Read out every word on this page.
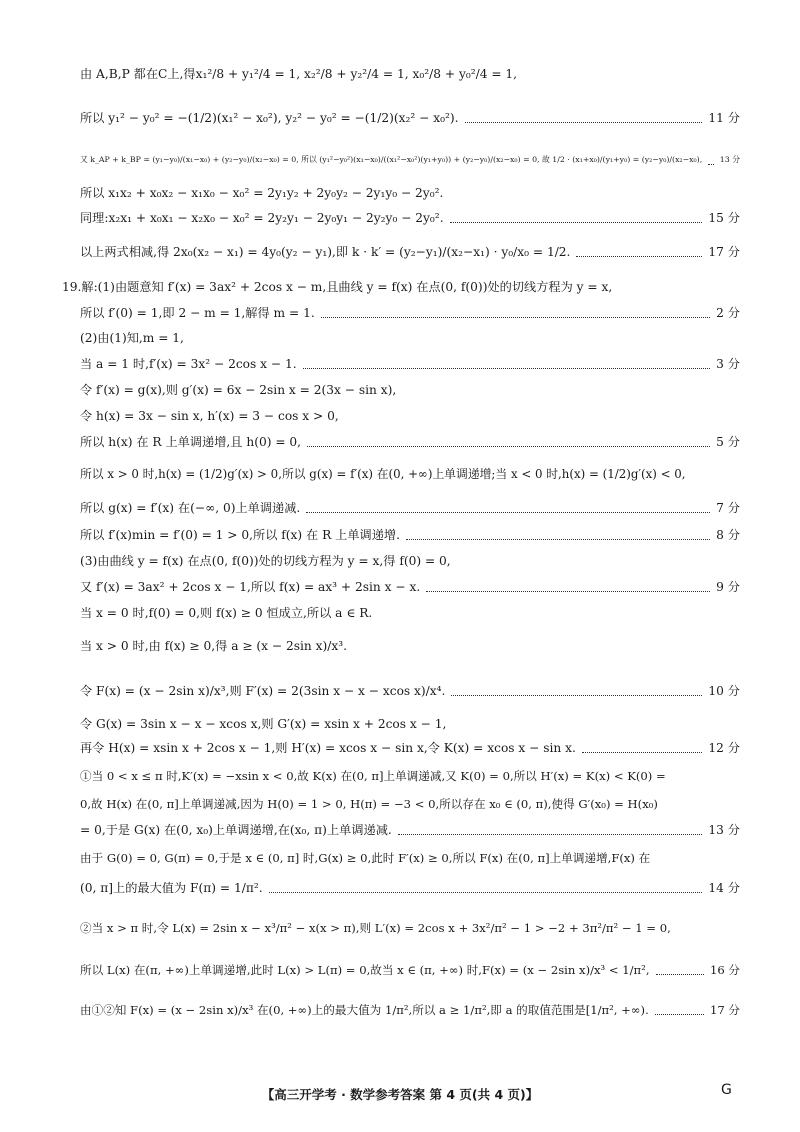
由 A,B,P 都在C上,得x₁²/8 + y₁²/4 = 1, x₂²/8 + y₂²/4 = 1, x₀²/8 + y₀²/4 = 1,
所以 y₁² − y₀² = −(1/2)(x₁² − x₀²), y₂² − y₀² = −(1/2)(x₂² − x₀²).	11 分
又 k_AP + k_BP = (y₁−y₀)/(x₁−x₀) + (y₂−y₀)/(x₂−x₀) = 0, 所以 (y₁²−y₀²)(x₁−x₀)/((x₁²−x₀²)(y₁+y₀)) + (y₂−y₀)/(x₂−x₀) = 0, 故 1/2 · (x₁+x₀)/(y₁+y₀) = (y₂−y₀)/(x₂−x₀), 13 分
所以 x₁x₂ + x₀x₂ − x₁x₀ − x₀² = 2y₁y₂ + 2y₀y₂ − 2y₁y₀ − 2y₀².
同理:x₂x₁ + x₀x₁ − x₂x₀ − x₀² = 2y₂y₁ − 2y₀y₁ − 2y₂y₀ − 2y₀².	15 分
以上两式相减,得 2x₀(x₂ − x₁) = 4y₀(y₂ − y₁),即 k · k′ = (y₂−y₁)/(x₂−x₁) · y₀/x₀ = 1/2.	17 分
19.解:(1)由题意知 f′(x) = 3ax² + 2cos x − m,且曲线 y = f(x) 在点(0, f(0))处的切线方程为 y = x,
所以 f′(0) = 1,即 2 − m = 1,解得 m = 1.	2 分
(2)由(1)知,m = 1,
当 a = 1 时,f′(x) = 3x² − 2cos x − 1.	3 分
令 f′(x) = g(x),则 g′(x) = 6x − 2sin x = 2(3x − sin x),
令 h(x) = 3x − sin x, h′(x) = 3 − cos x > 0,
所以 h(x) 在 R 上单调递增,且 h(0) = 0,	5 分
所以 x > 0 时,h(x) = (1/2)g′(x) > 0,所以 g(x) = f′(x) 在(0, +∞)上单调递增;当 x < 0 时,h(x) = (1/2)g′(x) < 0,
所以 g(x) = f′(x) 在(−∞, 0)上单调递减.	7 分
所以 f′(x)min = f′(0) = 1 > 0,所以 f(x) 在 R 上单调递增.	8 分
(3)由曲线 y = f(x) 在点(0, f(0))处的切线方程为 y = x,得 f(0) = 0,
又 f′(x) = 3ax² + 2cos x − 1,所以 f(x) = ax³ + 2sin x − x.	9 分
当 x = 0 时,f(0) = 0,则 f(x) ≥ 0 恒成立,所以 a ∈ R.
当 x > 0 时,由 f(x) ≥ 0,得 a ≥ (x − 2sin x)/x³.
令 F(x) = (x − 2sin x)/x³,则 F′(x) = 2(3sin x − x − xcos x)/x⁴.	10 分
令 G(x) = 3sin x − x − xcos x,则 G′(x) = xsin x + 2cos x − 1,
再令 H(x) = xsin x + 2cos x − 1,则 H′(x) = xcos x − sin x,令 K(x) = xcos x − sin x.	12 分
①当 0 < x ≤ π 时,K′(x) = −xsin x < 0,故 K(x) 在(0, π]上单调递减,又 K(0) = 0,所以 H′(x) = K(x) < K(0) =
0,故 H(x) 在(0, π]上单调递减,因为 H(0) = 1 > 0, H(π) = −3 < 0,所以存在 x₀ ∈ (0, π),使得 G′(x₀) = H(x₀)
= 0,于是 G(x) 在(0, x₀)上单调递增,在(x₀, π)上单调递减.	13 分
由于 G(0) = 0, G(π) = 0,于是 x ∈ (0, π] 时,G(x) ≥ 0,此时 F′(x) ≥ 0,所以 F(x) 在(0, π]上单调递增,F(x) 在
(0, π]上的最大值为 F(π) = 1/π².	14 分
②当 x > π 时,令 L(x) = 2sin x − x³/π² − x(x > π),则 L′(x) = 2cos x + 3x²/π² − 1 > −2 + 3π²/π² − 1 = 0,
所以 L(x) 在(π, +∞)上单调递增,此时 L(x) > L(π) = 0,故当 x ∈ (π, +∞) 时,F(x) = (x − 2sin x)/x³ < 1/π²,	16 分
由①②知 F(x) = (x − 2sin x)/x³ 在(0, +∞)上的最大值为 1/π²,所以 a ≥ 1/π²,即 a 的取值范围是[1/π², +∞).	17 分
【高三开学考 · 数学参考答案 第 4 页(共 4 页)】	G
